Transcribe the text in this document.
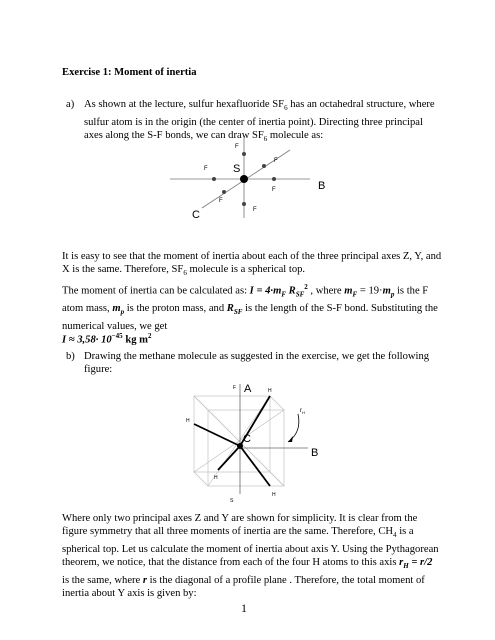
Exercise 1: Moment of inertia
a) As shown at the lecture, sulfur hexafluoride $SF_6$ has an octahedral structure, where sulfur atom is in the origin (the center of inertia point). Directing three principal axes along the S-F bonds, we can draw $SF_6$ molecule as:
B
C
S
F
F
F
F
F
F
It is easy to see that the moment of inertia about each of the three principal axes Z, Y, and X is the same. Therefore, $SF_6$ molecule is a spherical top.
The moment of inertia can be calculated as: $I = 4\cdot m_F$ $R_{SF}^2$ , where $m_F = 19\cdot m_p$ is the F atom mass, $m_p$ is the proton mass, and $R_{SF}$ is the length of the S-F bond. Substituting the numerical values, we get
$I \approx 3,58\cdot 10^{-45}$ kg $m^2$
b) Drawing the methane molecule as suggested in the exercise, we get the following figure:
A
B
C
F
S
H
H
H
H
$r_H$
Where only two principal axes Z and Y are shown for simplicity. It is clear from the figure symmetry that all three moments of inertia are the same. Therefore, $CH_4$ is a spherical top. Let us calculate the moment of inertia about axis Y. Using the Pythagorean theorem, we notice, that the distance from each of the four H atoms to this axis $r_H = r/2$ is the same, where r is the diagonal of a profile plane . Therefore, the total moment of inertia about Y axis is given by:
1
